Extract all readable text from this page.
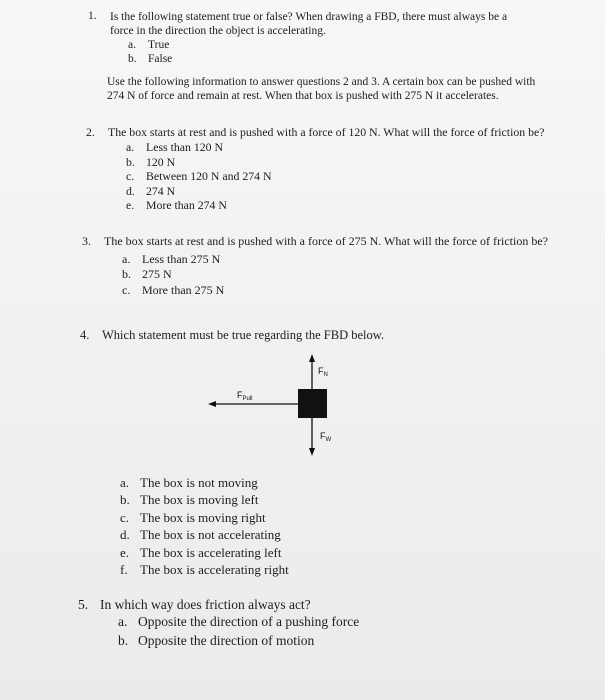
1. Is the following statement true or false? When drawing a FBD, there must always be a force in the direction the object is accelerating.
a.	True
b. False
Use the following information to answer questions 2 and 3. A certain box can be pushed with 274 N of force and remain at rest. When that box is pushed with 275 N it accelerates.
2. The box starts at rest and is pushed with a force of 120 N. What will the force of friction be?
a.	Less than 120 N
b. 120 N
c.	Between 120 N and 274 N
d. 274 N
e.	More than 274 N
3. The box starts at rest and is pushed with a force of 275 N. What will the force of friction be?
a. Less than 275 N
b. 275 N
c. More than 275 N
4. Which statement must be true regarding the FBD below.
$F_N$
$F_{Pull}$
$F_W$
a. The box is not moving
b. The box is moving left
c. The box is moving right
d. The box is not accelerating
e. The box is accelerating left
f. The box is accelerating right
5. In which way does friction always act?
a. Opposite the direction of a pushing force
b. Opposite the direction of motion
